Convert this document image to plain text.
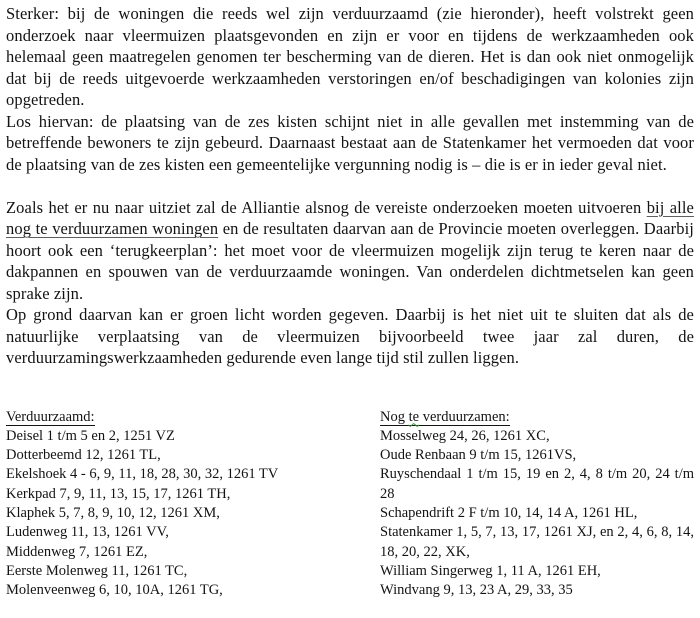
Sterker: bij de woningen die reeds wel zijn verduurzaamd (zie hieronder), heeft volstrekt geen onderzoek naar vleermuizen plaatsgevonden en zijn er voor en tijdens de werkzaamheden ook helemaal geen maatregelen genomen ter bescherming van de dieren. Het is dan ook niet onmogelijk dat bij de reeds uitgevoerde werkzaamheden verstoringen en/of beschadigingen van kolonies zijn opgetreden.

Los hiervan: de plaatsing van de zes kisten schijnt niet in alle gevallen met instemming van de betreffende bewoners te zijn gebeurd. Daarnaast bestaat aan de Statenkamer het vermoeden dat voor de plaatsing van de zes kisten een gemeentelijke vergunning nodig is – die is er in ieder geval niet.

Zoals het er nu naar uitziet zal de Alliantie alsnog de vereiste onderzoeken moeten uitvoeren bij alle nog te verduurzamen woningen en de resultaten daarvan aan de Provincie moeten overleggen. Daarbij hoort ook een ‘terugkeerplan’: het moet voor de vleermuizen mogelijk zijn terug te keren naar de dakpannen en spouwen van de verduurzaamde woningen. Van onderdelen dichtmetselen kan geen sprake zijn.

Op grond daarvan kan er groen licht worden gegeven. Daarbij is het niet uit te sluiten dat als de natuurlijke verplaatsing van de vleermuizen bijvoorbeeld twee jaar zal duren, de verduurzamingswerkzaamheden gedurende even lange tijd stil zullen liggen.

Verduurzaamd:
Deisel 1 t/m 5 en 2, 1251 VZ
Dotterbeemd 12, 1261 TL,
Ekelshoek 4 - 6, 9, 11, 18, 28, 30, 32, 1261 TV
Kerkpad 7, 9, 11, 13, 15, 17, 1261 TH,
Klaphek 5, 7, 8, 9, 10, 12, 1261 XM,
Ludenweg 11, 13, 1261 VV,
Middenweg 7, 1261 EZ,
Eerste Molenweg 11, 1261 TC,
Molenveenweg 6, 10, 10A, 1261 TG,
Nog te verduurzamen:
Mosselweg 24, 26, 1261 XC,
Oude Renbaan 9 t/m 15, 1261VS,
Ruyschendaal 1 t/m 15, 19 en 2, 4, 8 t/m 20, 24 t/m 28
Schapendrift 2 F t/m 10, 14, 14 A, 1261 HL,
Statenkamer 1, 5, 7, 13, 17, 1261 XJ, en 2, 4, 6, 8, 14, 18, 20, 22, XK,
William Singerweg 1, 11 A, 1261 EH,
Windvang 9, 13, 23 A, 29, 33, 35
